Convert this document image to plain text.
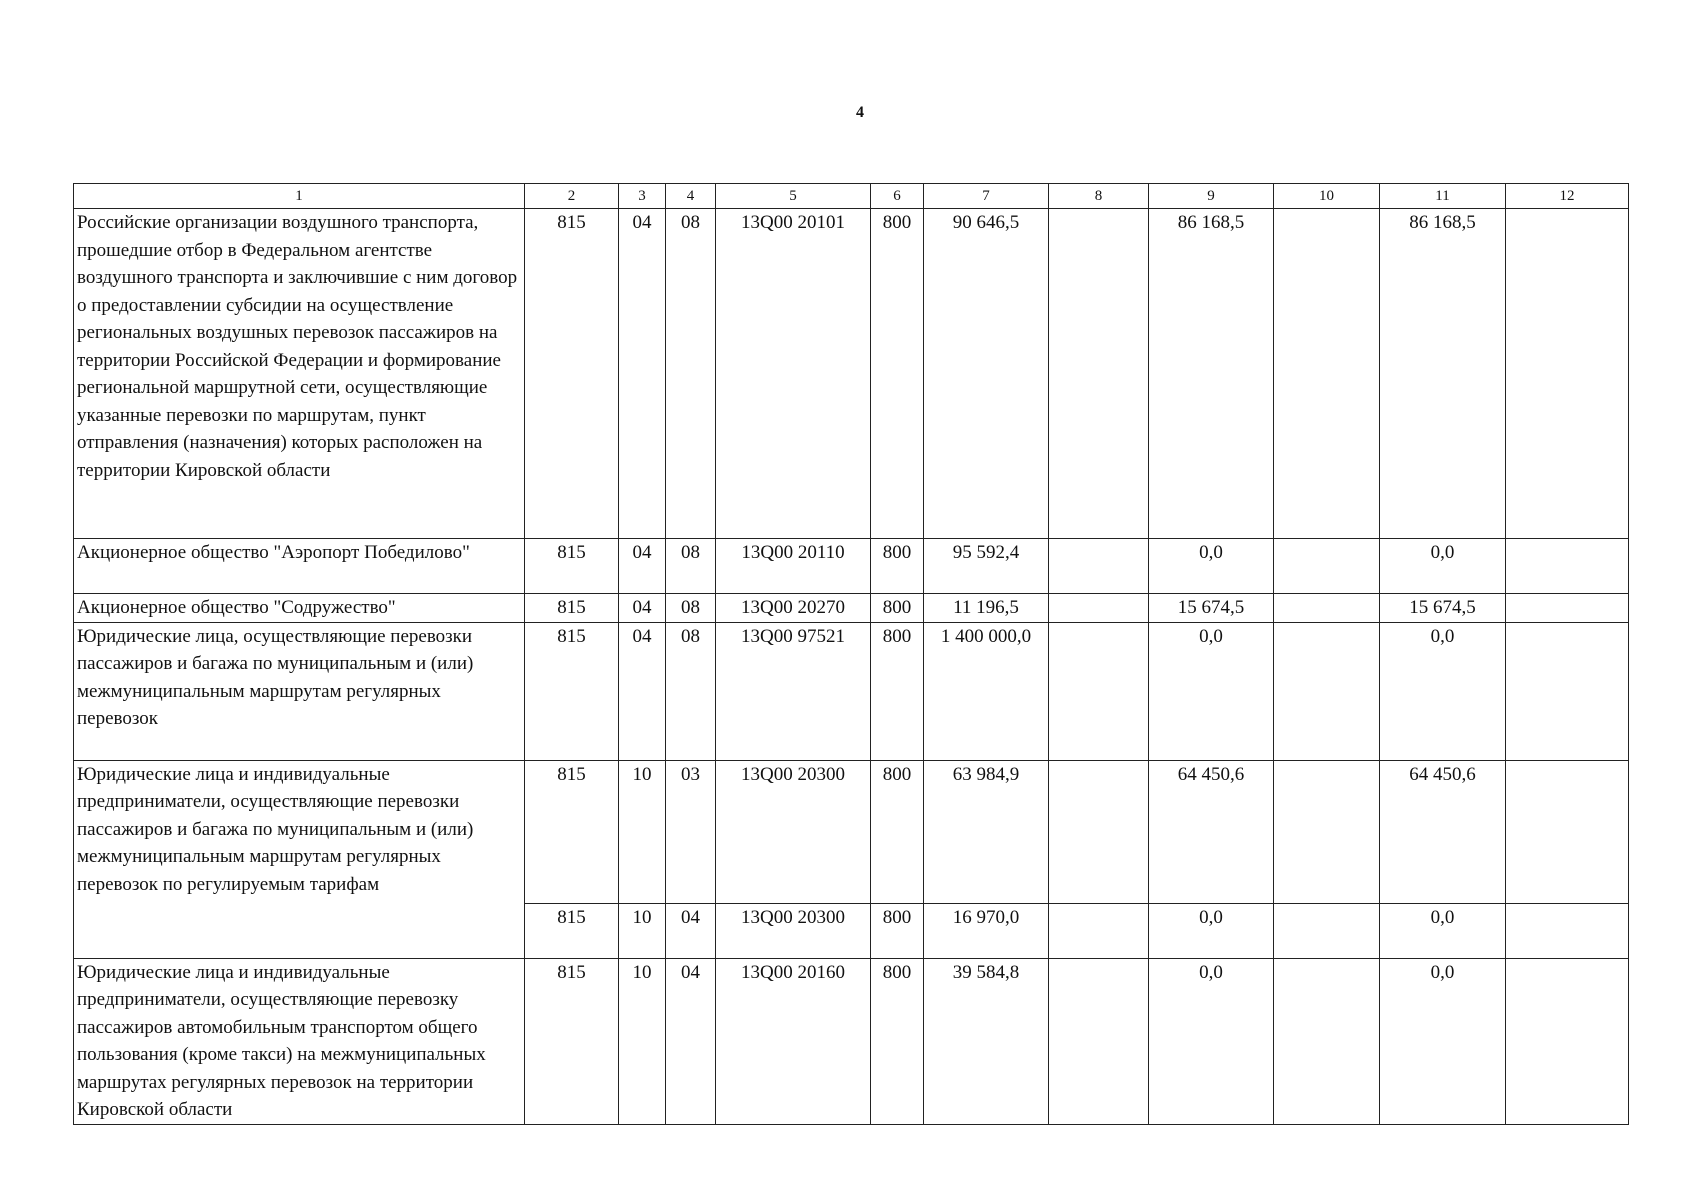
4
1	2	3	4	5	6	7	8	9	10	11	12
Российские организации воздушного транспорта, прошедшие отбор в Федеральном агентстве воздушного транспорта и заключившие с ним договор о предоставлении субсидии на осуществление региональных воздушных перевозок пассажиров на территории Российской Федерации и формирование региональной маршрутной сети, осуществляющие указанные перевозки по маршрутам, пункт отправления (назначения) которых расположен на территории Кировской области	815	04	08	13Q00 20101	800	90 646,5		86 168,5		86 168,5	
Акционерное общество "Аэропорт Победилово"	815	04	08	13Q00 20110	800	95 592,4		0,0		0,0	
Акционерное общество "Содружество"	815	04	08	13Q00 20270	800	11 196,5		15 674,5		15 674,5	
Юридические лица, осуществляющие перевозки пассажиров и багажа по муниципальным и (или) межмуниципальным маршрутам регулярных перевозок	815	04	08	13Q00 97521	800	1 400 000,0		0,0		0,0	
Юридические лица и индивидуальные предприниматели, осуществляющие перевозки пассажиров и багажа по муниципальным и (или) межмуниципальным маршрутам регулярных перевозок по регулируемым тарифам	815	10	03	13Q00 20300	800	63 984,9		64 450,6		64 450,6	
	815	10	04	13Q00 20300	800	16 970,0		0,0		0,0	
Юридические лица и индивидуальные предприниматели, осуществляющие перевозку пассажиров автомобильным транспортом общего пользования (кроме такси) на межмуниципальных маршрутах регулярных перевозок на территории Кировской области	815	10	04	13Q00 20160	800	39 584,8		0,0		0,0	
